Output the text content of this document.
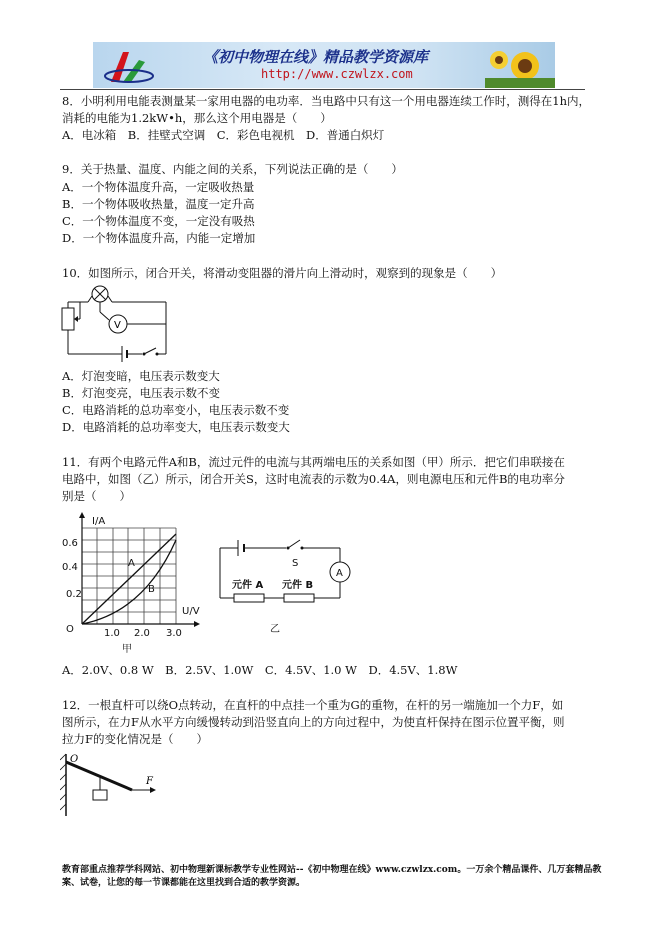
《初中物理在线》精品教学资源库
http://www.czwlzx.com
8．小明利用电能表测量某一家用电器的电功率．当电路中只有这一个用电器连续工作时，测得在1h内，
消耗的电能为1.2kW•h，那么这个用电器是（　　）
A．电冰箱　B．挂壁式空调　C．彩色电视机　D．普通白炽灯
9．关于热量、温度、内能之间的关系，下列说法正确的是（　　）
A．一个物体温度升高，一定吸收热量
B．一个物体吸收热量，温度一定升高
C．一个物体温度不变，一定没有吸热
D．一个物体温度升高，内能一定增加
10．如图所示，闭合开关，将滑动变阻器的滑片向上滑动时，观察到的现象是（　　）
V
A．灯泡变暗，电压表示数变大
B．灯泡变亮，电压表示数不变
C．电路消耗的总功率变小，电压表示数不变
D．电路消耗的总功率变大，电压表示数变大
11．有两个电路元件A和B，流过元件的电流与其两端电压的关系如图（甲）所示．把它们串联接在
电路中，如图（乙）所示，闭合开关S，这时电流表的示数为0.4A，则电源电压和元件B的电功率分
别是（　　）
I/A
U/V
O
0.6
0.4
0.2
1.0 2.0 3.0
A
B
甲
S
A
元件 A 元件 B
乙
A．2.0V、0.8 W　B．2.5V、1.0W　C．4.5V、1.0 W　D．4.5V、1.8W
12．一根直杆可以绕O点转动，在直杆的中点挂一个重为G的重物，在杆的另一端施加一个力F，如
图所示，在力F从水平方向缓慢转动到沿竖直向上的方向过程中，为使直杆保持在图示位置平衡，则
拉力F的变化情况是（　　）
O
F
教育部重点推荐学科网站、初中物理新课标教学专业性网站--《初中物理在线》www.czwlzx.com。一万余个精品课件、几万套精品教案、试卷，让您的每一节课都能在这里找到合适的教学资源。
